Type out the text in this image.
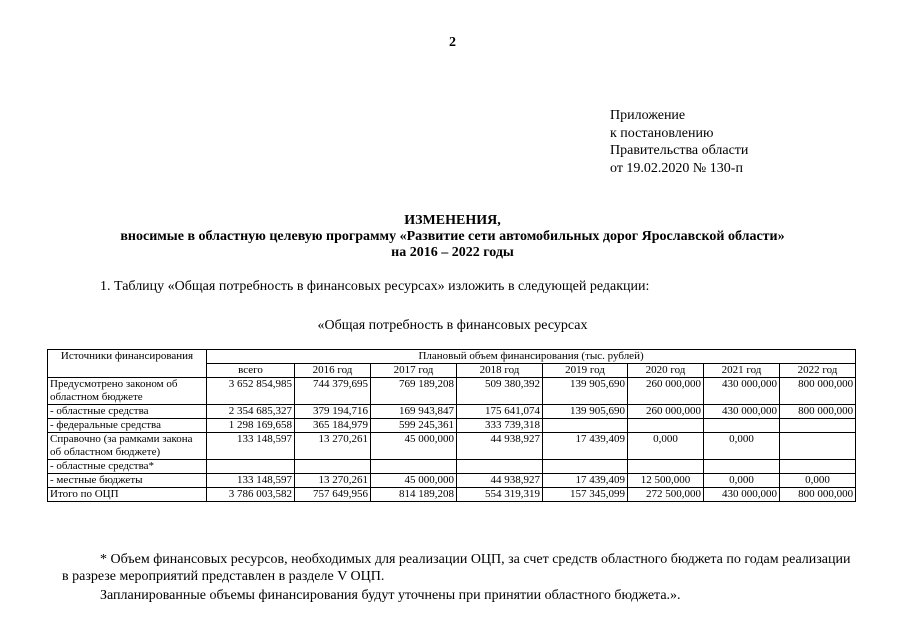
2
Приложение
к постановлению
Правительства области
от 19.02.2020 № 130-п
ИЗМЕНЕНИЯ,
вносимые в областную целевую программу «Развитие сети автомобильных дорог Ярославской области»
на 2016 – 2022 годы
1. Таблицу «Общая потребность в финансовых ресурсах» изложить в следующей редакции:
«Общая потребность в финансовых ресурсах
Источники финансирования	Плановый объем финансирования (тыс. рублей)							
	всего	2016 год	2017 год	2018 год	2019 год	2020 год	2021 год	2022 год
Предусмотрено законом об областном бюджете	3 652 854,985	744 379,695	769 189,208	509 380,392	139 905,690	260 000,000	430 000,000	800 000,000
- областные средства	2 354 685,327	379 194,716	169 943,847	175 641,074	139 905,690	260 000,000	430 000,000	800 000,000
- федеральные средства	1 298 169,658	365 184,979	599 245,361	333 739,318				
Справочно (за рамками закона об областном бюджете)	133 148,597	13 270,261	45 000,000	44 938,927	17 439,409	0,000	0,000	
- областные средства*								
- местные бюджеты	133 148,597	13 270,261	45 000,000	44 938,927	17 439,409	12 500,000	0,000	0,000
Итого по ОЦП	3 786 003,582	757 649,956	814 189,208	554 319,319	157 345,099	272 500,000	430 000,000	800 000,000

* Объем финансовых ресурсов, необходимых для реализации ОЦП, за счет средств областного бюджета по годам реализации в разрезе мероприятий представлен в разделе V ОЦП.

Запланированные объемы финансирования будут уточнены при принятии областного бюджета.».
